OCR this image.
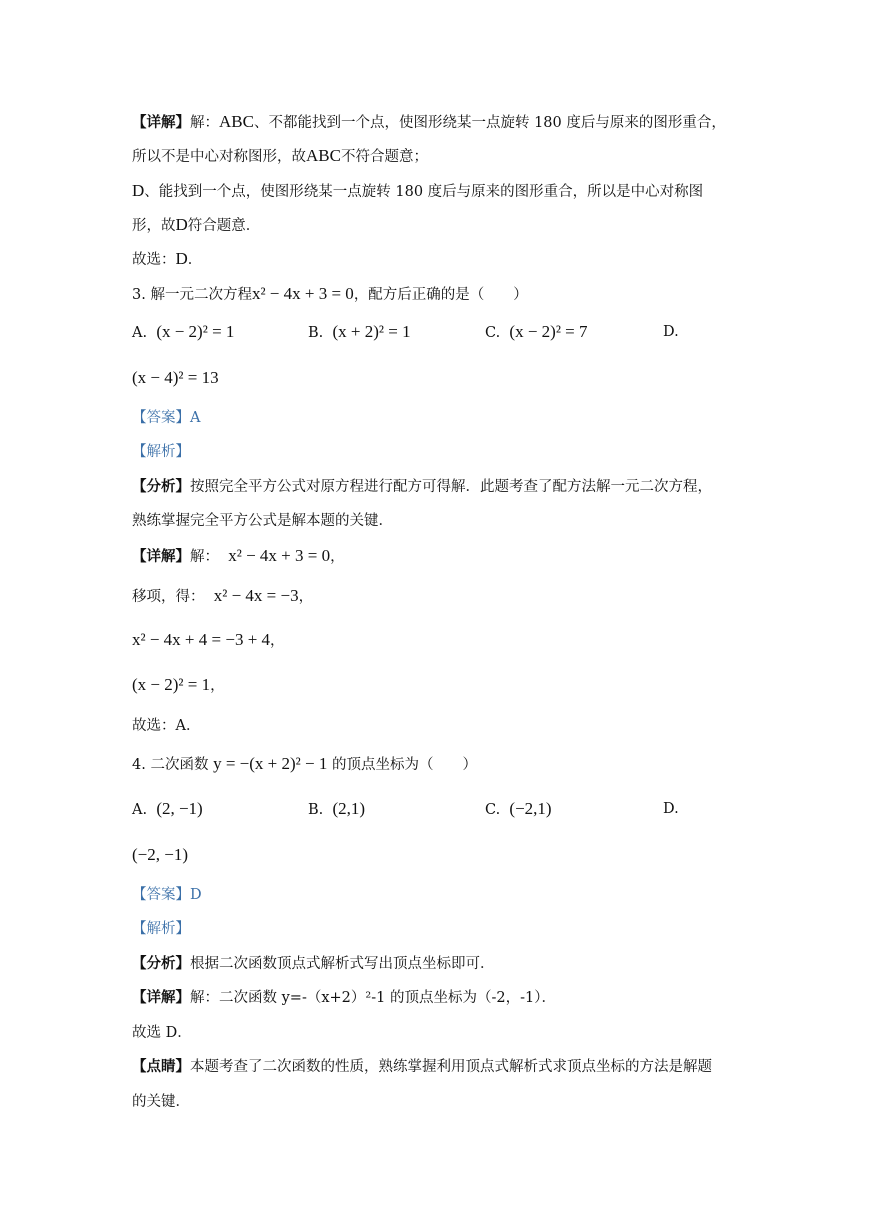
【详解】解：ABC、不都能找到一个点，使图形绕某一点旋转 180 度后与原来的图形重合，
所以不是中心对称图形，故ABC不符合题意；
D、能找到一个点，使图形绕某一点旋转 180 度后与原来的图形重合，所以是中心对称图
形，故D符合题意．
故选：D．
3. 解一元二次方程x² − 4x + 3 = 0，配方后正确的是（　　）
A. (x − 2)² = 1	B. (x + 2)² = 1	C. (x − 2)² = 7	D.
(x − 4)² = 13
【答案】A
【解析】
【分析】按照完全平方公式对原方程进行配方可得解．此题考查了配方法解一元二次方程，
熟练掌握完全平方公式是解本题的关键．
【详解】解： x² − 4x + 3 = 0，
移项，得： x² − 4x = −3，
x² − 4x + 4 = −3 + 4，
(x − 2)² = 1，
故选：A．
4. 二次函数 y = −(x + 2)² − 1 的顶点坐标为（　　）
A. (2, −1)	B. (2,1)	C. (−2,1)	D.
(−2, −1)
【答案】D
【解析】
【分析】根据二次函数顶点式解析式写出顶点坐标即可．
【详解】解：二次函数 y=-（x+2）²-1 的顶点坐标为（-2，-1）．
故选 D．
【点睛】本题考查了二次函数的性质，熟练掌握利用顶点式解析式求顶点坐标的方法是解题
的关键．
